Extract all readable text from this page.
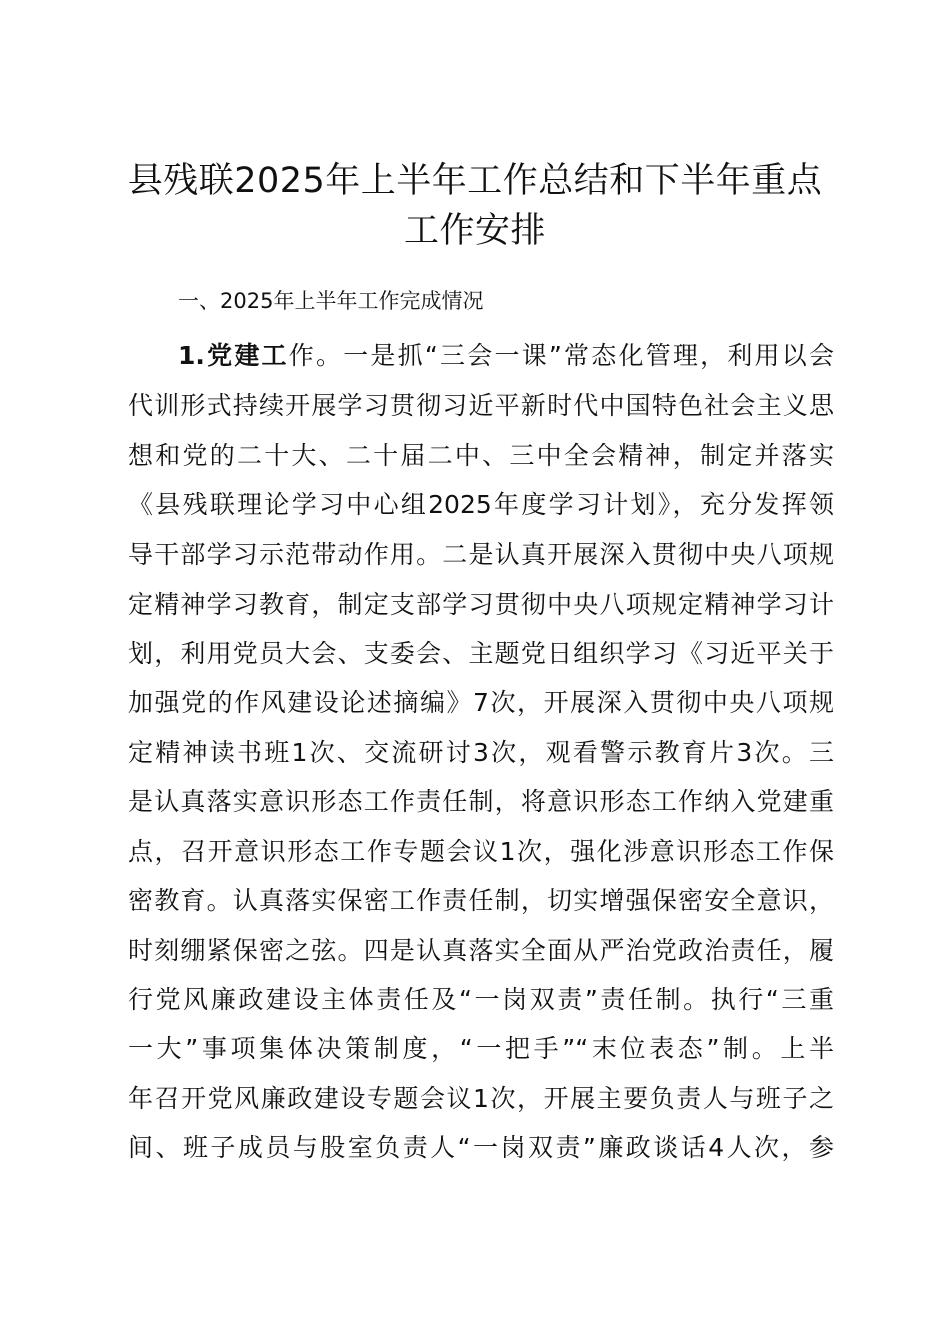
县残联2025年上半年工作总结和下半年重点
工作安排
一、2025年上半年工作完成情况
1.党建工作。一是抓“三会一课”常态化管理，利用以会
代训形式持续开展学习贯彻习近平新时代中国特色社会主义思
想和党的二十大、二十届二中、三中全会精神，制定并落实
《县残联理论学习中心组2025年度学习计划》，充分发挥领
导干部学习示范带动作用。二是认真开展深入贯彻中央八项规
定精神学习教育，制定支部学习贯彻中央八项规定精神学习计
划，利用党员大会、支委会、主题党日组织学习《习近平关于
加强党的作风建设论述摘编》7次，开展深入贯彻中央八项规
定精神读书班1次、交流研讨3次，观看警示教育片3次。三
是认真落实意识形态工作责任制，将意识形态工作纳入党建重
点，召开意识形态工作专题会议1次，强化涉意识形态工作保
密教育。认真落实保密工作责任制，切实增强保密安全意识，
时刻绷紧保密之弦。四是认真落实全面从严治党政治责任，履
行党风廉政建设主体责任及“一岗双责”责任制。执行“三重
一大”事项集体决策制度，“一把手”“末位表态”制。上半
年召开党风廉政建设专题会议1次，开展主要负责人与班子之
间、班子成员与股室负责人“一岗双责”廉政谈话4人次，参
